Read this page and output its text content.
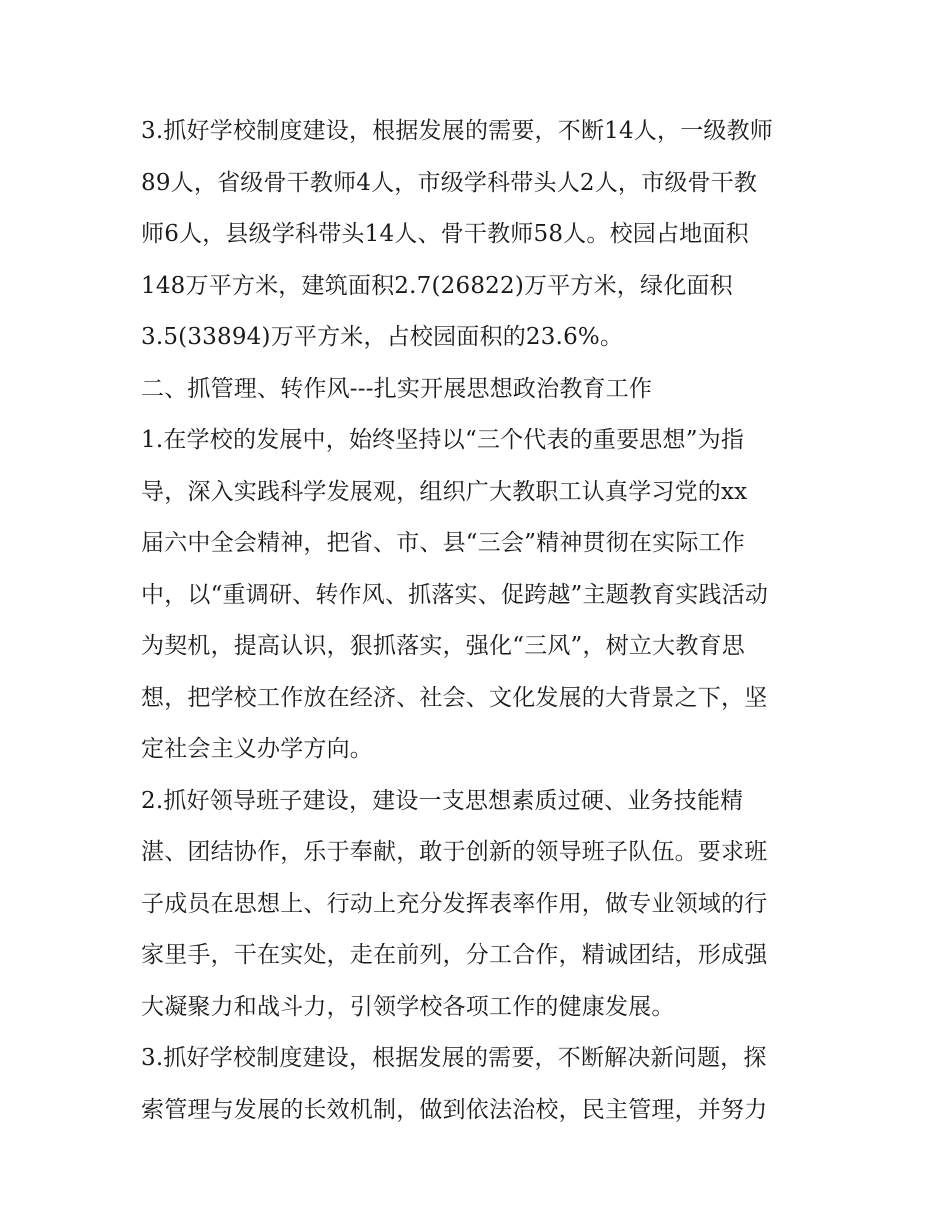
3.抓好学校制度建设，根据发展的需要，不断14人，一级教师
89人，省级骨干教师4人，市级学科带头人2人，市级骨干教
师6人，县级学科带头14人、骨干教师58人。校园占地面积
148万平方米，建筑面积2.7(26822)万平方米，绿化面积
3.5(33894)万平方米，占校园面积的23.6%。
二、抓管理、转作风---扎实开展思想政治教育工作
1.在学校的发展中，始终坚持以“三个代表的重要思想”为指
导，深入实践科学发展观，组织广大教职工认真学习党的xx
届六中全会精神，把省、市、县“三会”精神贯彻在实际工作
中，以“重调研、转作风、抓落实、促跨越”主题教育实践活动
为契机，提高认识，狠抓落实，强化“三风”，树立大教育思
想，把学校工作放在经济、社会、文化发展的大背景之下，坚
定社会主义办学方向。
2.抓好领导班子建设，建设一支思想素质过硬、业务技能精
湛、团结协作，乐于奉献，敢于创新的领导班子队伍。要求班
子成员在思想上、行动上充分发挥表率作用，做专业领域的行
家里手，干在实处，走在前列，分工合作，精诚团结，形成强
大凝聚力和战斗力，引领学校各项工作的健康发展。
3.抓好学校制度建设，根据发展的需要，不断解决新问题，探
索管理与发展的长效机制，做到依法治校，民主管理，并努力
